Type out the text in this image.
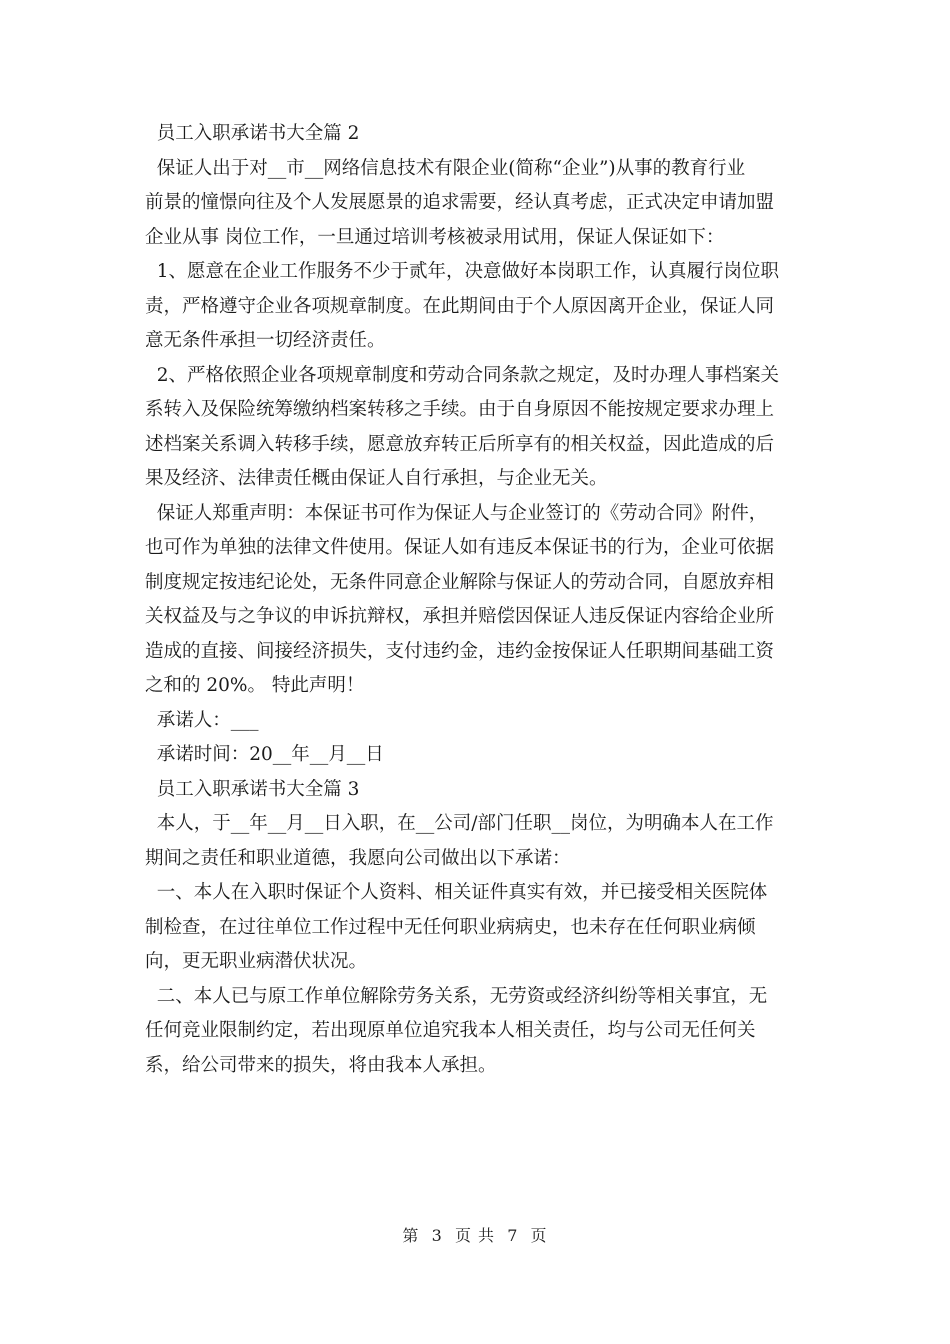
员工入职承诺书大全篇 2

保证人出于对__市__网络信息技术有限企业(简称“企业”)从事的教育行业

前景的憧憬向往及个人发展愿景的追求需要，经认真考虑，正式决定申请加盟

企业从事 岗位工作，一旦通过培训考核被录用试用，保证人保证如下：

1、愿意在企业工作服务不少于贰年，决意做好本岗职工作，认真履行岗位职

责，严格遵守企业各项规章制度。在此期间由于个人原因离开企业，保证人同

意无条件承担一切经济责任。

2、严格依照企业各项规章制度和劳动合同条款之规定，及时办理人事档案关

系转入及保险统筹缴纳档案转移之手续。由于自身原因不能按规定要求办理上

述档案关系调入转移手续，愿意放弃转正后所享有的相关权益，因此造成的后

果及经济、法律责任概由保证人自行承担，与企业无关。

保证人郑重声明：本保证书可作为保证人与企业签订的《劳动合同》附件，

也可作为单独的法律文件使用。保证人如有违反本保证书的行为，企业可依据

制度规定按违纪论处，无条件同意企业解除与保证人的劳动合同，自愿放弃相

关权益及与之争议的申诉抗辩权，承担并赔偿因保证人违反保证内容给企业所

造成的直接、间接经济损失，支付违约金，违约金按保证人任职期间基础工资

之和的 20%。 特此声明！

承诺人：___

承诺时间：20__年__月__日

员工入职承诺书大全篇 3

本人，于__年__月__日入职，在__公司/部门任职__岗位，为明确本人在工作

期间之责任和职业道德，我愿向公司做出以下承诺：

一、本人在入职时保证个人资料、相关证件真实有效，并已接受相关医院体

制检查，在过往单位工作过程中无任何职业病病史，也未存在任何职业病倾

向，更无职业病潜伏状况。

二、本人已与原工作单位解除劳务关系，无劳资或经济纠纷等相关事宜，无

任何竞业限制约定，若出现原单位追究我本人相关责任，均与公司无任何关

系，给公司带来的损失，将由我本人承担。

第  3  页 共  7  页
